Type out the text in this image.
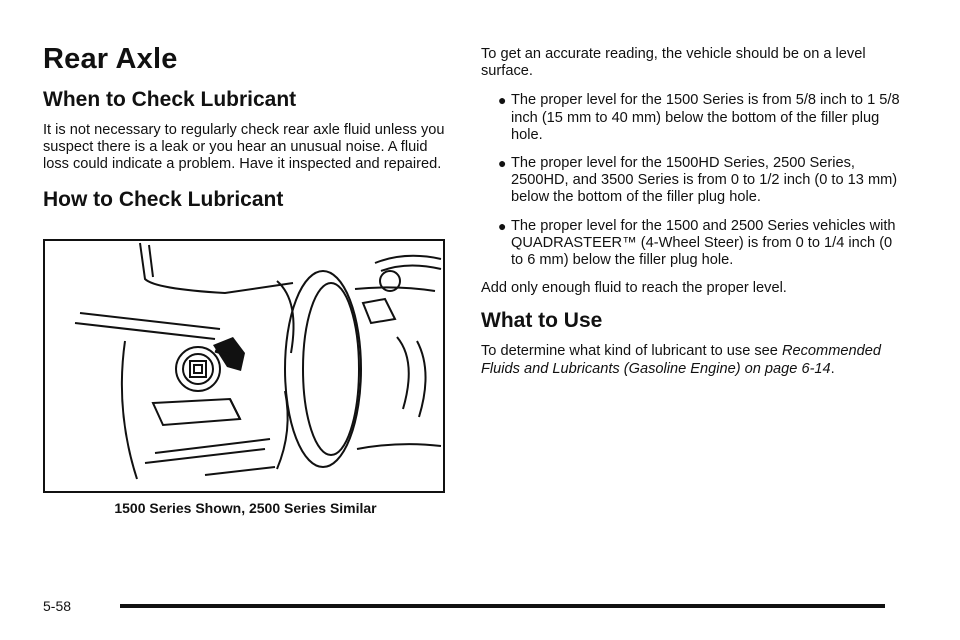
Rear Axle
When to Check Lubricant

It is not necessary to regularly check rear axle fluid unless you suspect there is a leak or you hear an unusual noise. A fluid loss could indicate a problem. Have it inspected and repaired.

How to Check Lubricant
1500 Series Shown, 2500 Series Similar

To get an accurate reading, the vehicle should be on a level surface.

● The proper level for the 1500 Series is from 5/8 inch to 1 5/8 inch (15 mm to 40 mm) below the bottom of the filler plug hole.

● The proper level for the 1500HD Series, 2500 Series, 2500HD, and 3500 Series is from 0 to 1/2 inch (0 to 13 mm) below the bottom of the filler plug hole.

● The proper level for the 1500 and 2500 Series vehicles with QUADRASTEER™ (4-Wheel Steer) is from 0 to 1/4 inch (0 to 6 mm) below the filler plug hole.

Add only enough fluid to reach the proper level.

What to Use

To determine what kind of lubricant to use see Recommended Fluids and Lubricants (Gasoline Engine) on page 6-14.

5-58
